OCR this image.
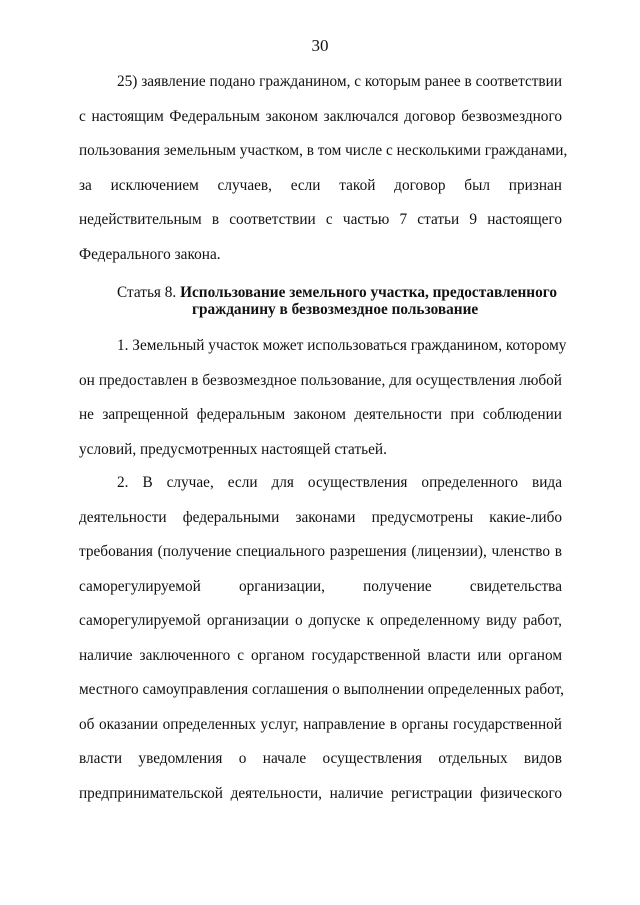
30
25) заявление подано гражданином, с которым ранее в соответствии
с настоящим Федеральным законом заключался договор безвозмездного
пользования земельным участком, в том числе с несколькими гражданами,
за исключением случаев, если такой договор был признан
недействительным в соответствии с частью 7 статьи 9 настоящего
Федерального закона.
Статья 8. Использование земельного участка, предоставленного
гражданину в безвозмездное пользование
1. Земельный участок может использоваться гражданином, которому
он предоставлен в безвозмездное пользование, для осуществления любой
не запрещенной федеральным законом деятельности при соблюдении
условий, предусмотренных настоящей статьей.
2. В случае, если для осуществления определенного вида
деятельности федеральными законами предусмотрены какие-либо
требования (получение специального разрешения (лицензии), членство в
саморегулируемой организации, получение свидетельства
саморегулируемой организации о допуске к определенному виду работ,
наличие заключенного с органом государственной власти или органом
местного самоуправления соглашения о выполнении определенных работ,
об оказании определенных услуг, направление в органы государственной
власти уведомления о начале осуществления отдельных видов
предпринимательской деятельности, наличие регистрации физического
